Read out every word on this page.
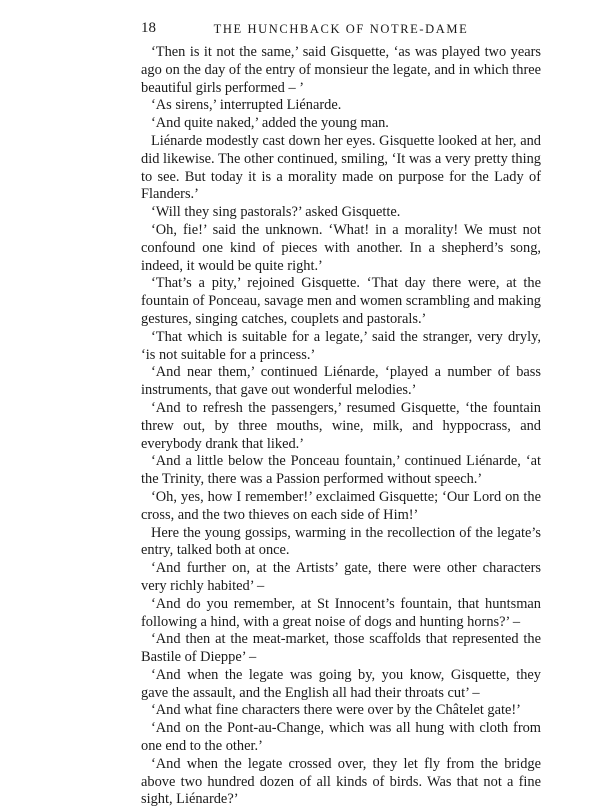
18	THE HUNCHBACK OF NOTRE-DAME

‘Then is it not the same,’ said Gisquette, ‘as was played two years ago on the day of the entry of monsieur the legate, and in which three beautiful girls performed – ’

‘As sirens,’ interrupted Liénarde.

‘And quite naked,’ added the young man.

Liénarde modestly cast down her eyes. Gisquette looked at her, and did likewise. The other continued, smiling, ‘It was a very pretty thing to see. But today it is a morality made on purpose for the Lady of Flanders.’

‘Will they sing pastorals?’ asked Gisquette.

‘Oh, fie!’ said the unknown. ‘What! in a morality! We must not confound one kind of pieces with another. In a shepherd’s song, indeed, it would be quite right.’

‘That’s a pity,’ rejoined Gisquette. ‘That day there were, at the fountain of Ponceau, savage men and women scrambling and making gestures, singing catches, couplets and pastorals.’

‘That which is suitable for a legate,’ said the stranger, very dryly, ‘is not suitable for a princess.’

‘And near them,’ continued Liénarde, ‘played a number of bass instruments, that gave out wonderful melodies.’

‘And to refresh the passengers,’ resumed Gisquette, ‘the fountain threw out, by three mouths, wine, milk, and hyppocrass, and everybody drank that liked.’

‘And a little below the Ponceau fountain,’ continued Liénarde, ‘at the Trinity, there was a Passion performed without speech.’

‘Oh, yes, how I remember!’ exclaimed Gisquette; ‘Our Lord on the cross, and the two thieves on each side of Him!’

Here the young gossips, warming in the recollection of the legate’s entry, talked both at once.

‘And further on, at the Artists’ gate, there were other characters very richly habited’ –

‘And do you remember, at St Innocent’s fountain, that huntsman following a hind, with a great noise of dogs and hunting horns?’ –

‘And then at the meat-market, those scaffolds that represented the Bastile of Dieppe’ –

‘And when the legate was going by, you know, Gisquette, they gave the assault, and the English all had their throats cut’ –

‘And what fine characters there were over by the Châtelet gate!’

‘And on the Pont-au-Change, which was all hung with cloth from one end to the other.’

‘And when the legate crossed over, they let fly from the bridge above two hundred dozen of all kinds of birds. Was that not a fine sight, Liénarde?’
